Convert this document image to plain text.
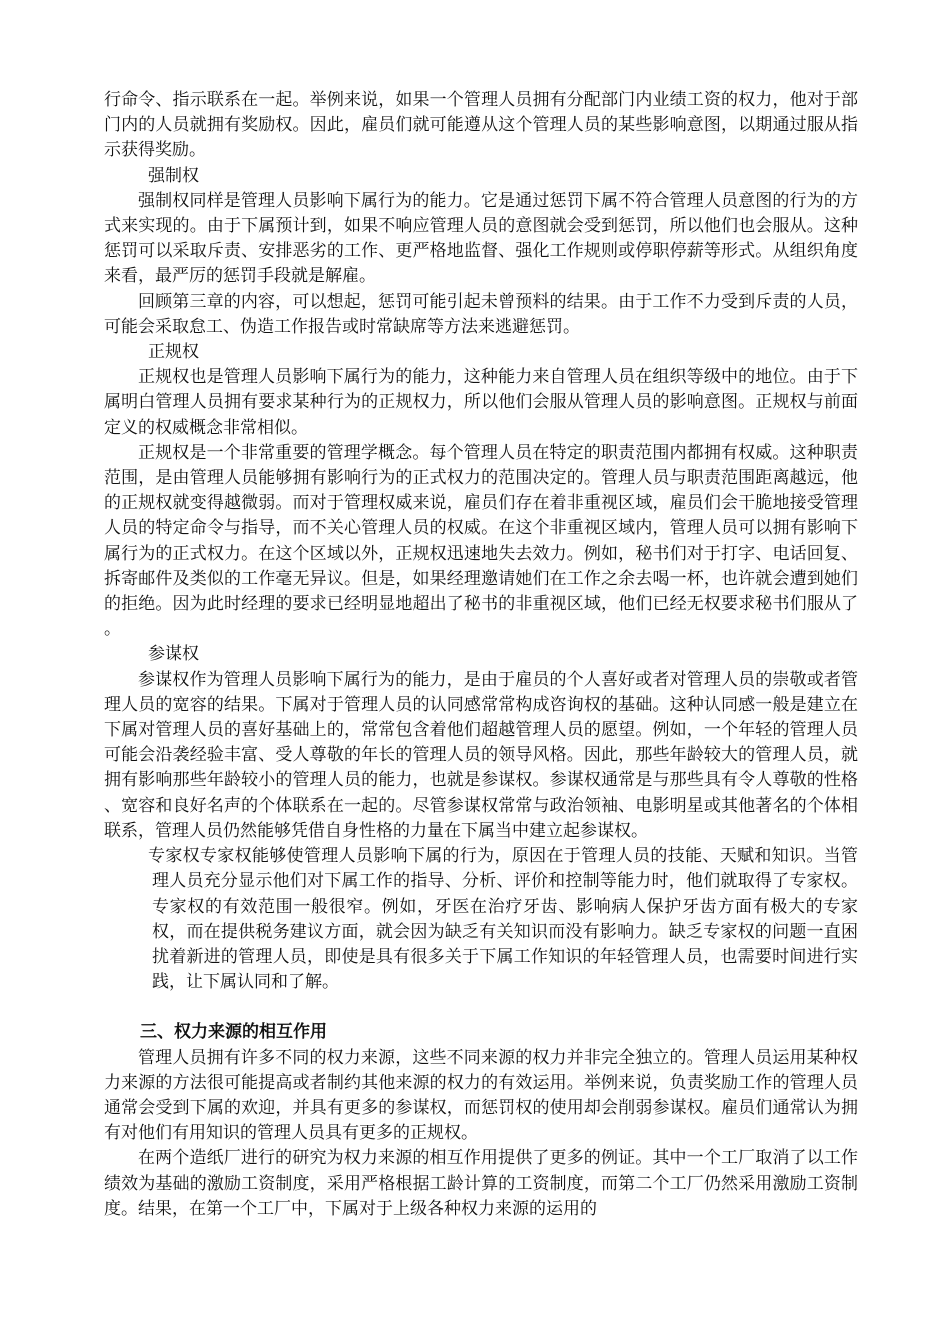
行命令、指示联系在一起。举例来说，如果一个管理人员拥有分配部门内业绩工资的权力，他对于部门内的人员就拥有奖励权。因此，雇员们就可能遵从这个管理人员的某些影响意图，以期通过服从指示获得奖励。

强制权

强制权同样是管理人员影响下属行为的能力。它是通过惩罚下属不符合管理人员意图的行为的方式来实现的。由于下属预计到，如果不响应管理人员的意图就会受到惩罚，所以他们也会服从。这种惩罚可以采取斥责、安排恶劣的工作、更严格地监督、强化工作规则或停职停薪等形式。从组织角度来看，最严厉的惩罚手段就是解雇。

回顾第三章的内容，可以想起，惩罚可能引起未曾预料的结果。由于工作不力受到斥责的人员，可能会采取怠工、伪造工作报告或时常缺席等方法来逃避惩罚。

正规权

正规权也是管理人员影响下属行为的能力，这种能力来自管理人员在组织等级中的地位。由于下属明白管理人员拥有要求某种行为的正规权力，所以他们会服从管理人员的影响意图。正规权与前面定义的权威概念非常相似。

正规权是一个非常重要的管理学概念。每个管理人员在特定的职责范围内都拥有权威。这种职责范围，是由管理人员能够拥有影响行为的正式权力的范围决定的。管理人员与职责范围距离越远，他的正规权就变得越微弱。而对于管理权威来说，雇员们存在着非重视区域，雇员们会干脆地接受管理人员的特定命令与指导，而不关心管理人员的权威。在这个非重视区域内，管理人员可以拥有影响下属行为的正式权力。在这个区域以外，正规权迅速地失去效力。例如，秘书们对于打字、电话回复、拆寄邮件及类似的工作毫无异议。但是，如果经理邀请她们在工作之余去喝一杯，也许就会遭到她们的拒绝。因为此时经理的要求已经明显地超出了秘书的非重视区域，他们已经无权要求秘书们服从了。

参谋权

参谋权作为管理人员影响下属行为的能力，是由于雇员的个人喜好或者对管理人员的崇敬或者管理人员的宽容的结果。下属对于管理人员的认同感常常构成咨询权的基础。这种认同感一般是建立在下属对管理人员的喜好基础上的，常常包含着他们超越管理人员的愿望。例如，一个年轻的管理人员可能会沿袭经验丰富、受人尊敬的年长的管理人员的领导风格。因此，那些年龄较大的管理人员，就拥有影响那些年龄较小的管理人员的能力，也就是参谋权。参谋权通常是与那些具有令人尊敬的性格、宽容和良好名声的个体联系在一起的。尽管参谋权常常与政治领袖、电影明星或其他著名的个体相联系，管理人员仍然能够凭借自身性格的力量在下属当中建立起参谋权。

专家权专家权能够使管理人员影响下属的行为，原因在于管理人员的技能、天赋和知识。当管理人员充分显示他们对下属工作的指导、分析、评价和控制等能力时，他们就取得了专家权。专家权的有效范围一般很窄。例如，牙医在治疗牙齿、影响病人保护牙齿方面有极大的专家权，而在提供税务建议方面，就会因为缺乏有关知识而没有影响力。缺乏专家权的问题一直困扰着新进的管理人员，即使是具有很多关于下属工作知识的年轻管理人员，也需要时间进行实践，让下属认同和了解。

三、权力来源的相互作用

管理人员拥有许多不同的权力来源，这些不同来源的权力并非完全独立的。管理人员运用某种权力来源的方法很可能提高或者制约其他来源的权力的有效运用。举例来说，负责奖励工作的管理人员通常会受到下属的欢迎，并具有更多的参谋权，而惩罚权的使用却会削弱参谋权。雇员们通常认为拥有对他们有用知识的管理人员具有更多的正规权。

在两个造纸厂进行的研究为权力来源的相互作用提供了更多的例证。其中一个工厂取消了以工作绩效为基础的激励工资制度，采用严格根据工龄计算的工资制度，而第二个工厂仍然采用激励工资制度。结果，在第一个工厂中，下属对于上级各种权力来源的运用的
